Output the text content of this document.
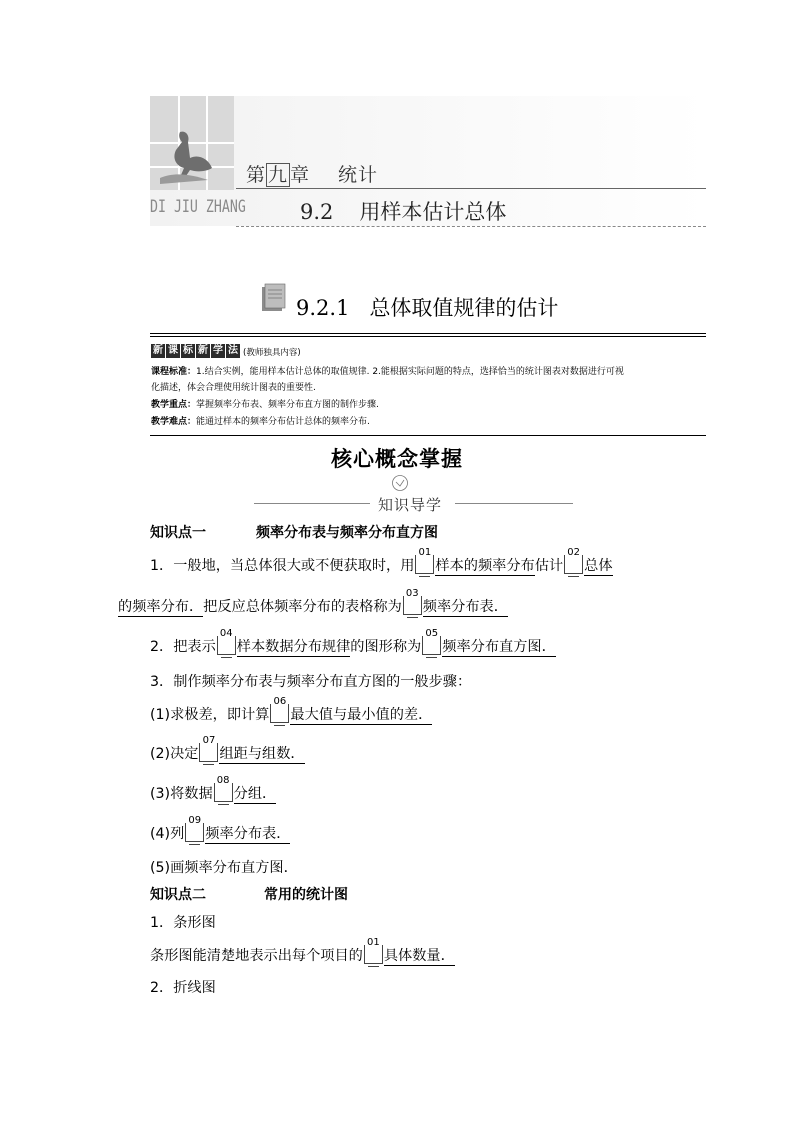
第 九 章 统计
DI JIU ZHANG	9.2 用样本估计总体
9.2.1 总体取值规律的估计
新 课 标 新 学 法 (教师独具内容)
课程标准：1.结合实例，能用样本估计总体的取值规律. 2.能根据实际问题的特点，选择恰当的统计图表对数据进行可视
化描述，体会合理使用统计图表的重要性.
教学重点：掌握频率分布表、频率分布直方图的制作步骤.
教学难点：能通过样本的频率分布估计总体的频率分布.
核心概念掌握
知识导学
知识点一	频率分布表与频率分布直方图
1．一般地，当总体很大或不便获取时，用
01
样本的频率分布估计
02
总体
的频率分布．把反应总体频率分布的表格称为
03
频率分布表．
2．把表示
04
样本数据分布规律的图形称为
05
频率分布直方图．
3．制作频率分布表与频率分布直方图的一般步骤：
(1)求极差，即计算
06
最大值与最小值的差．
(2)决定
07
组距与组数．
(3)将数据
08
分组．
(4)列
09
频率分布表．
(5)画频率分布直方图．
知识点二	常用的统计图
1．条形图
条形图能清楚地表示出每个项目的
01
具体数量．
2．折线图
